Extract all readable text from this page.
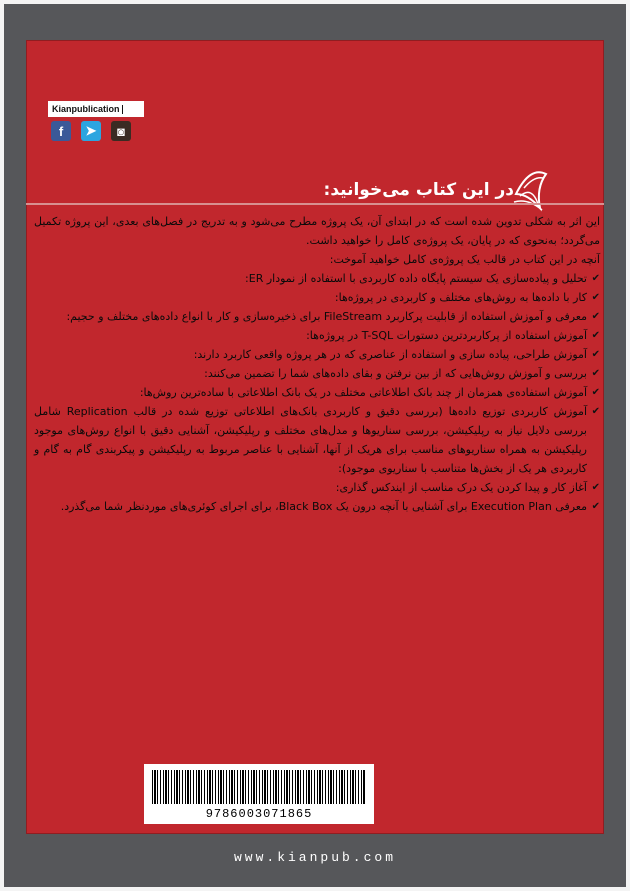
Kianpublication
f	➤	◙
در این کتاب می‌خوانید:

این اثر به شکلی تدوین شده است که در ابتدای آن، یک پروژه مطرح می‌شود و به تدریج در فصل‌های بعدی، این پروژه تکمیل می‌گردد؛ به‌نحوی که در پایان، یک پروژه‌ی کامل را خواهید داشت.

آنچه در این کتاب در قالب یک پروژه‌ی کامل خواهید آموخت:

✔
تحلیل و پیاده‌سازی یک سیستم پایگاه داده کاربردی با استفاده از نمودار ER:
✔
کار با داده‌ها به روش‌های مختلف و کاربردی در پروژه‌ها:
✔
معرفی و آموزش استفاده از قابلیت پرکاربرد FileStream برای ذخیره‌سازی و کار با انواع داده‌های مختلف و حجیم:
✔
آموزش استفاده از پرکاربردترین دستورات T-SQL در پروژه‌ها:
✔
آموزش طراحی، پیاده سازی و استفاده از عناصری که در هر پروژه واقعی کاربرد دارند:
✔
بررسی و آموزش روش‌هایی که از بین نرفتن و بقای داده‌های شما را تضمین می‌کنند:
✔
آموزش استفاده‌ی همزمان از چند بانک اطلاعاتی مختلف در یک بانک اطلاعاتی با ساده‌ترین روش‌ها:
✔
آموزش کاربردی توزیع داده‌ها (بررسی دقیق و کاربردی بانک‌های اطلاعاتی توزیع شده در قالب Replication شامل بررسی دلایل نیاز به رپلیکیشن، بررسی سناریوها و مدل‌های مختلف و رپلیکیشن، آشنایی دقیق با انواع روش‌های موجود رپلیکیشن به همراه سناریوهای مناسب برای هریک از آنها، آشنایی با عناصر مربوط به رپلیکیشن و پیکربندی گام به گام و کاربردی هر یک از بخش‌ها متناسب با سناریوی موجود):
✔
آغاز کار و پیدا کردن یک درک مناسب از ایندکس گذاری:
✔
معرفی Execution Plan برای آشنایی با آنچه درون یک Black Box، برای اجرای کوئری‌های موردنظر شما می‌گذرد.
9786003071865
www.kianpub.com
